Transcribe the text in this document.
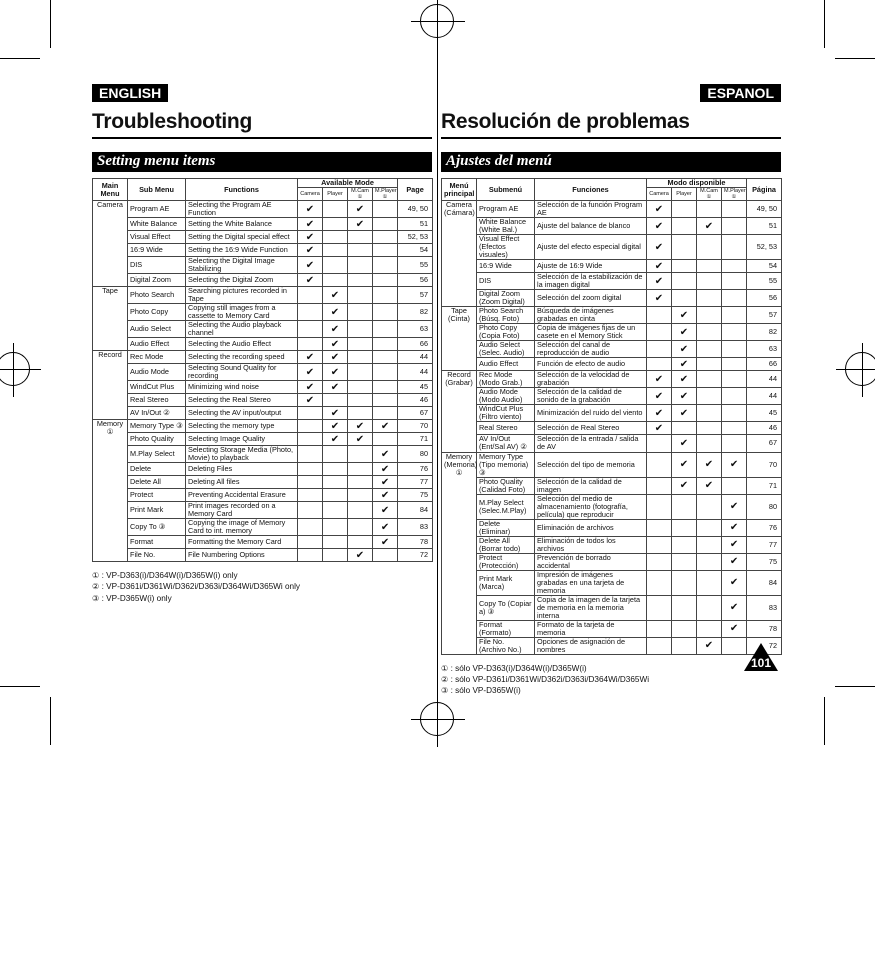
ENGLISH
Troubleshooting
Setting menu items
Main Menu	Sub Menu	Functions	Available Mode				Page
			Camera	Player	M.Cam ①	M.Player ①	
Camera	Program AE	Selecting the Program AE Function	✔		✔		49, 50
	White Balance	Setting the White Balance	✔		✔		51
	Visual Effect	Setting the Digital special effect	✔				52, 53
	16:9 Wide	Setting the 16:9 Wide Function	✔				54
	DIS	Selecting the Digital Image Stabilizing	✔				55
	Digital Zoom	Selecting the Digital Zoom	✔				56
Tape	Photo Search	Searching pictures recorded in Tape		✔			57
	Photo Copy	Copying still images from a cassette to Memory Card		✔			82
	Audio Select	Selecting the Audio playback channel		✔			63
	Audio Effect	Selecting the Audio Effect		✔			66
Record	Rec Mode	Selecting the recording speed	✔	✔			44
	Audio Mode	Selecting Sound Quality for recording	✔	✔			44
	WindCut Plus	Minimizing wind noise	✔	✔			45
	Real Stereo	Selecting the Real Stereo	✔				46
	AV In/Out ②	Selecting the AV input/output		✔			67
Memory ①	Memory Type ③	Selecting the memory type		✔	✔	✔	70
	Photo Quality	Selecting Image Quality		✔	✔		71
	M.Play Select	Selecting Storage Media (Photo, Movie) to playback				✔	80
	Delete	Deleting Files				✔	76
	Delete All	Deleting All files				✔	77
	Protect	Preventing Accidental Erasure				✔	75
	Print Mark	Print images recorded on a Memory Card				✔	84
	Copy To ③	Copying the image of Memory Card to int. memory				✔	83
	Format	Formatting the Memory Card				✔	78
	File No.	File Numbering Options			✔		72
① : VP-D363(i)/D364W(i)/D365W(i) only
② : VP-D361i/D361Wi/D362i/D363i/D364Wi/D365Wi only
③ : VP-D365W(i) only
ESPANOL
Resolución de problemas
Ajustes del menú
Menú principal	Submenú	Funciones	Modo disponible				Página
			Camera	Player	M.Cam ①	M.Player ①	
Camera (Cámara)	Program AE	Selección de la función Program AE	✔				49, 50
	White Balance (White Bal.)	Ajuste del balance de blanco	✔		✔		51
	Visual Effect (Efectos visuales)	Ajuste del efecto especial digital	✔				52, 53
	16:9 Wide	Ajuste de 16:9 Wide	✔				54
	DIS	Selección de la estabilización de la imagen digital	✔				55
	Digital Zoom (Zoom Digital)	Selección del zoom digital	✔				56
Tape (Cinta)	Photo Search (Búsq. Foto)	Búsqueda de imágenes grabadas en cinta		✔			57
	Photo Copy (Copia Foto)	Copia de imágenes fijas de un casete en el Memory Stick		✔			82
	Audio Select (Selec. Audio)	Selección del canal de reproducción de audio		✔			63
	Audio Effect	Función de efecto de audio		✔			66
Record (Grabar)	Rec Mode (Modo Grab.)	Selección de la velocidad de grabación	✔	✔			44
	Audio Mode (Modo Audio)	Selección de la calidad de sonido de la grabación	✔	✔			44
	WindCut Plus (Filtro viento)	Minimización del ruido del viento	✔	✔			45
	Real Stereo	Selección de Real Stereo	✔				46
	AV In/Out (Ent/Sal AV) ②	Selección de la entrada / salida de AV		✔			67
Memory (Memoria) ①	Memory Type (Tipo memoria) ③	Selección del tipo de memoria		✔	✔	✔	70
	Photo Quality (Calidad Foto)	Selección de la calidad de imagen		✔	✔		71
	M.Play Select (Selec.M.Play)	Selección del medio de almacenamiento (fotografía, película) que reproducir				✔	80
	Delete (Eliminar)	Eliminación de archivos				✔	76
	Delete All (Borrar todo)	Eliminación de todos los archivos				✔	77
	Protect (Protección)	Prevención de borrado accidental				✔	75
	Print Mark (Marca)	Impresión de imágenes grabadas en una tarjeta de memoria				✔	84
	Copy To (Copiar a) ③	Copia de la imagen de la tarjeta de memoria en la memoria interna				✔	83
	Format (Formato)	Formato de la tarjeta de memoria				✔	78
	File No. (Archivo No.)	Opciones de asignación de nombres			✔		72
① : sólo VP-D363(i)/D364W(i)/D365W(i)
② : sólo VP-D361i/D361Wi/D362i/D363i/D364Wi/D365Wi
③ : sólo VP-D365W(i)
101
